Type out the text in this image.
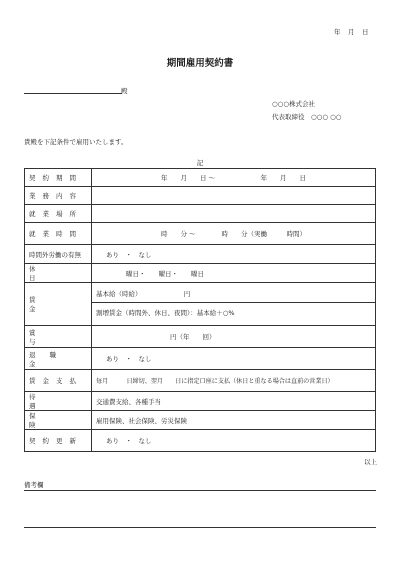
年　月　日
期間雇用契約書
殿
○○○株式会社
代表取締役　○○○ ○○
貴殿を下記条件で雇用いたします。
記
契約期間	年　　月　　日 ～　　　　　　　年　　月　　日
業務内容	
就業場所	
就業時間	時　　分 ～　　　　時　　分（実働　　　時間）
時間外労働の有無	あり　・　なし
休日	曜日・　　曜日・　　曜日
賃金	基本給（時給）　　　　　　　円
割増賃金（時間外、休日、夜間）：基本給＋○%

賞与	円（年　　回）
退職金	あり　・　なし
賃金支払	毎月　　　日締切、翌月　　日に指定口座に支払（休日と重なる場合は直前の営業日）
待遇	交通費支給、各種手当
保険	雇用保険、社会保険、労災保険
契約更新	あり　・　なし
以上
備考欄
